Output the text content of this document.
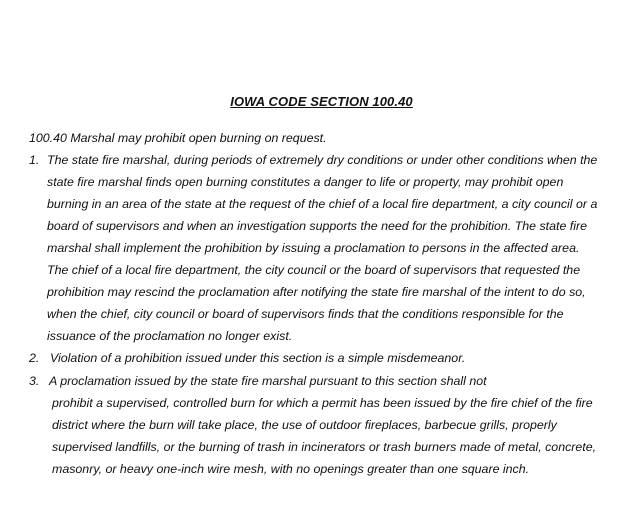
IOWA CODE SECTION 100.40
100.40 Marshal may prohibit open burning on request.
1. The state fire marshal, during periods of extremely dry conditions or under other conditions when the
state fire marshal finds open burning constitutes a danger to life or property, may prohibit open
burning in an area of the state at the request of the chief of a local fire department, a city council or a
board of supervisors and when an investigation supports the need for the prohibition. The state fire
marshal shall implement the prohibition by issuing a proclamation to persons in the affected area.
The chief of a local fire department, the city council or the board of supervisors that requested the
prohibition may rescind the proclamation after notifying the state fire marshal of the intent to do so,
when the chief, city council or board of supervisors finds that the conditions responsible for the
issuance of the proclamation no longer exist.
2. Violation of a prohibition issued under this section is a simple misdemeanor.
3. A proclamation issued by the state fire marshal pursuant to this section shall not
prohibit a supervised, controlled burn for which a permit has been issued by the fire chief of the fire
district where the burn will take place, the use of outdoor fireplaces, barbecue grills, properly
supervised landfills, or the burning of trash in incinerators or trash burners made of metal, concrete,
masonry, or heavy one-inch wire mesh, with no openings greater than one square inch.
